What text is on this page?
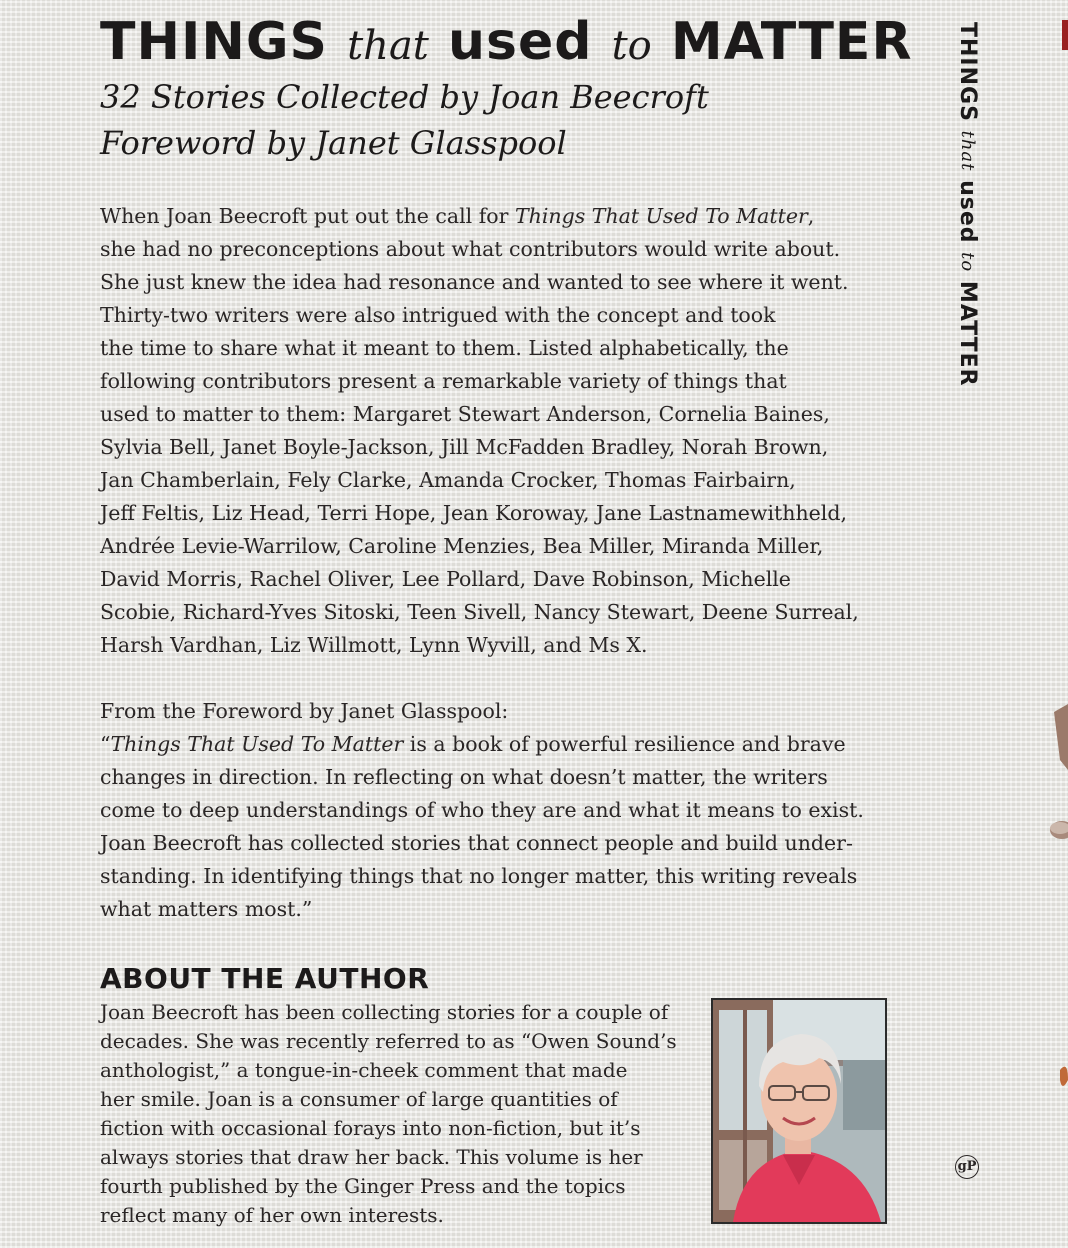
THINGS that used to MATTER

32 Stories Collected by Joan Beecroft

Foreword by Janet Glasspool

When Joan Beecroft put out the call for Things That Used To Matter,
she had no preconceptions about what contributors would write about.
She just knew the idea had resonance and wanted to see where it went.
Thirty-two writers were also intrigued with the concept and took
the time to share what it meant to them. Listed alphabetically, the
following contributors present a remarkable variety of things that
used to matter to them: Margaret Stewart Anderson, Cornelia Baines,
Sylvia Bell, Janet Boyle-Jackson, Jill McFadden Bradley, Norah Brown,
Jan Chamberlain, Fely Clarke, Amanda Crocker, Thomas Fairbairn,
Jeff Feltis, Liz Head, Terri Hope, Jean Koroway, Jane Lastnamewithheld,
Andrée Levie-Warrilow, Caroline Menzies, Bea Miller, Miranda Miller,
David Morris, Rachel Oliver, Lee Pollard, Dave Robinson, Michelle
Scobie, Richard-Yves Sitoski, Teen Sivell, Nancy Stewart, Deene Surreal,
Harsh Vardhan, Liz Willmott, Lynn Wyvill, and Ms X.
From the Foreword by Janet Glasspool:
“Things That Used To Matter is a book of powerful resilience and brave
changes in direction. In reflecting on what doesn’t matter, the writers
come to deep understandings of who they are and what it means to exist.
Joan Beecroft has collected stories that connect people and build under-
standing. In identifying things that no longer matter, this writing reveals
what matters most.”
ABOUT THE AUTHOR
Joan Beecroft has been collecting stories for a couple of
decades. She was recently referred to as “Owen Sound’s
anthologist,” a tongue-in-cheek comment that made
her smile. Joan is a consumer of large quantities of
fiction with occasional forays into non-fiction, but it’s
always stories that draw her back. This volume is her
fourth published by the Ginger Press and the topics
reflect many of her own interests.
THINGS that used to MATTER
gP
